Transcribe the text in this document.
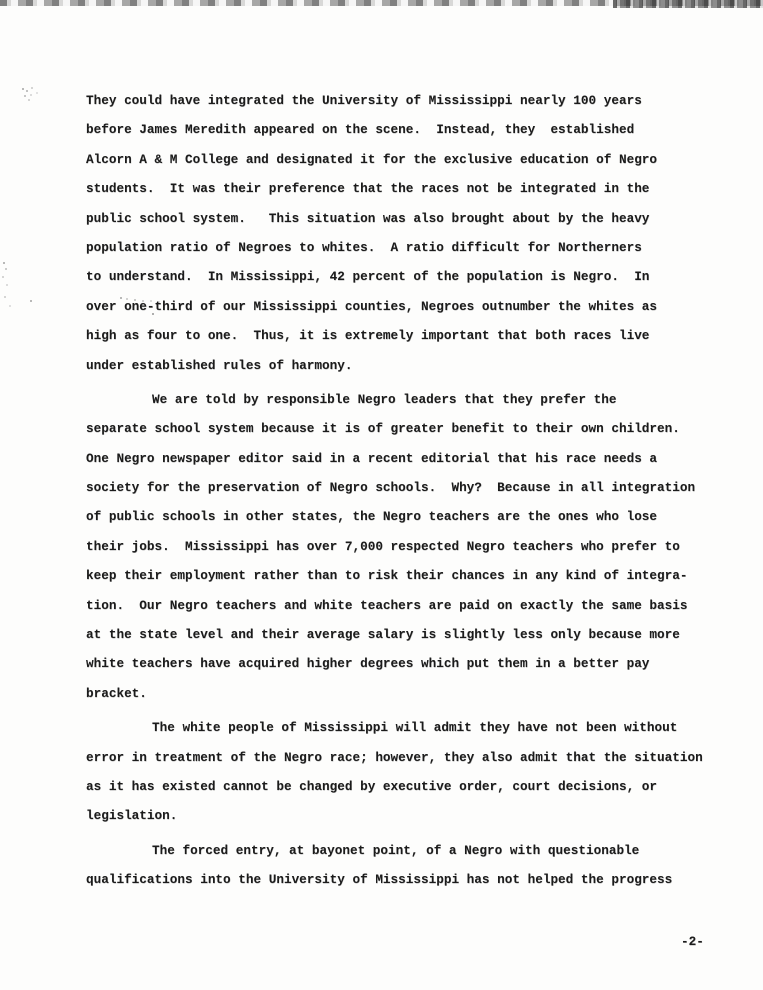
They could have integrated the University of Mississippi nearly 100 years
before James Meredith appeared on the scene.  Instead, they  established
Alcorn A & M College and designated it for the exclusive education of Negro
students.  It was their preference that the races not be integrated in the
public school system.   This situation was also brought about by the heavy
population ratio of Negroes to whites.  A ratio difficult for Northerners
to understand.  In Mississippi, 42 percent of the population is Negro.  In
over one-third of our Mississippi counties, Negroes outnumber the whites as
high as four to one.  Thus, it is extremely important that both races live
under established rules of harmony.
We are told by responsible Negro leaders that they prefer the
separate school system because it is of greater benefit to their own children.
One Negro newspaper editor said in a recent editorial that his race needs a
society for the preservation of Negro schools.  Why?  Because in all integration
of public schools in other states, the Negro teachers are the ones who lose
their jobs.  Mississippi has over 7,000 respected Negro teachers who prefer to
keep their employment rather than to risk their chances in any kind of integra-
tion.  Our Negro teachers and white teachers are paid on exactly the same basis
at the state level and their average salary is slightly less only because more
white teachers have acquired higher degrees which put them in a better pay
bracket.
The white people of Mississippi will admit they have not been without
error in treatment of the Negro race; however, they also admit that the situation
as it has existed cannot be changed by executive order, court decisions, or
legislation.
The forced entry, at bayonet point, of a Negro with questionable
qualifications into the University of Mississippi has not helped the progress
-2-
